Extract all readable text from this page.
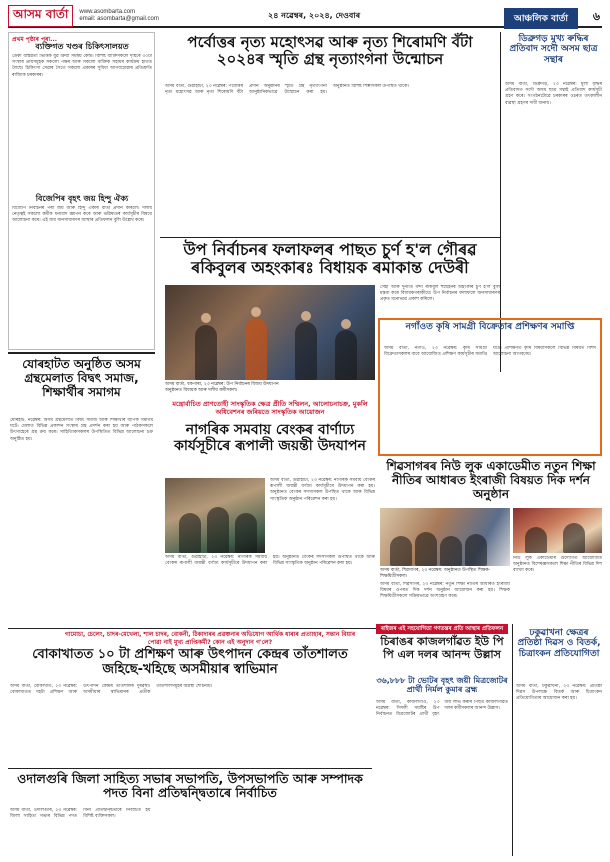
আসম বাৰ্তা	www.asombarta.com
email: asombarta@gmail.com	২৪ নৱেম্বৰ, ২০২৪, দেওবাৰ	আঞ্চলিক বাৰ্তা	৬
প্ৰথম পৃষ্ঠাৰ পৰা...
ব্যক্তিগত খণ্ডৰ চিকিৎসালয়ত
ডেকা বাস্তৱতা ভিত্তিক যুৱ ক্ৰিয়া সমন্বয় কেন্দ্ৰ। বিশিষ্ট ব্যক্তিসকলে দৃষ্টিৰে ৩০টা সংস্থাৰ প্ৰায়সমূহক সকলো পক্ষৰ আৰু সকলো ব্যক্তিক সহায়ৰ কাৰ্যক্ৰম হাতত লৈছে। চিকিৎসা সেৱাৰ সৈতে সকলো প্ৰকাৰৰ সুবিধা আগবঢ়োৱাৰ প্ৰতিশ্ৰুতি ৰাজ্যিক চৰকাৰৰ।
বিজেপিৰ বৃহৎ জয় হিন্দু ঐক্য
বিজেপি নিৰ্বাচনৰ পৰা জয় আৰু হিন্দু ঐক্যৰ বাৰ্তা প্ৰদান কৰিলে। দলীয় নেতৃত্বই সকলো কৰ্মীক ধন্যবাদ জ্ঞাপন কৰে আৰু ভৱিষ্যতৰ কাৰ্যসূচীৰ বিষয়ে আলোচনা কৰে। এই জয় জনসাধাৰণৰ আস্থাৰ প্ৰতিফলন বুলি উল্লেখ কৰে।
পৰ্বোত্তৰ নৃত্য মহোৎসৱ আৰু নৃত্য শিৰোমণি বঁটা ২০২৪ৰ স্মৃতি গ্ৰন্থ নৃত্যাংগনা উন্মোচন
অসম বাৰ্তা, গুৱাহাটী, ২৩ নৱেম্বৰ: পৰ্বোত্তৰ নৃত্য মহোৎসৱ আৰু নৃত্য শিৰোমণি বঁটা প্ৰদান অনুষ্ঠানৰ স্মৃতি গ্ৰন্থ নৃত্যাংগনা আনুষ্ঠানিকভাৱে উন্মোচন কৰা হয়। অনুষ্ঠানত বিশিষ্ট শিল্পীসকল উপস্থিত থাকে।
ডিব্ৰুগড় মুখ্য ৰুদ্ধিৰ প্ৰতিবাদ সদৌ অসম ছাত্ৰ সন্থাৰ
অসম বাৰ্তা, ডিব্ৰুগড়, ২৩ নৱেম্বৰ: মূল্য বৃদ্ধিৰ প্ৰতিবাদত সদৌ অসম ছাত্ৰ সন্থাই প্ৰতিবাদ কাৰ্যসূচী গ্ৰহণ কৰে। সংগঠনটোৱে চৰকাৰৰ ওচৰত তৎকালীন ব্যৱস্থা গ্ৰহণৰ দাবী জনায়।
উপ নিৰ্বাচনৰ ফলাফলৰ পাছত চুৰ্ণ হ'ল গৌৰৱ ৰকিবুলৰ অহংকাৰঃ বিধায়ক ৰমাকান্ত দেউৰী
সেহা আৰু দুৰ্নীতি বন্দী ৰকিবুল হুছেইনৰ অহংকাৰ চুৰ্ণ হ'ল বুলি মন্তব্য কৰে বিধায়কগৰাকীয়ে। উপ নিৰ্বাচনৰ ফলাফলে জনসাধাৰণৰ প্ৰকৃত মনোভাৱ প্ৰকাশ কৰিলে।
অসম বাৰ্তা, বকপাৰা, ২৩ নৱেম্বৰ: উপ নিৰ্বাচনৰ বিজয় উদযাপন অনুষ্ঠানত বিধায়ক আৰু দলীয় কৰ্মীসকল।
নগাঁওত কৃষি সামগ্ৰী বিক্ৰেতাৰ প্ৰশিক্ষণৰ সমাপ্তি
অসম বাৰ্তা, নগাঁও, ২৩ নৱেম্বৰ: কৃষি সামগ্ৰী বিক্ৰেতাসকলৰ বাবে আয়োজিত প্ৰশিক্ষণ কাৰ্যসূচীৰ সমাপ্তি ঘটে। প্ৰশিক্ষণত কৃষি বিষয়াসকলে বিভিন্ন বিষয়ত বিশদ আলোচনা আগবঢ়ায়।
যোৰহাটত অনুষ্ঠিত অসম গ্ৰন্থমেলাত বিদ্বৎ সমাজ, শিক্ষাৰ্থীৰ সমাগম
যোৰহাট, নৱেম্বৰ: অসম গ্ৰন্থমেলাত বিদ্বৎ সমাজ আৰু শিক্ষাৰ্থীৰ ব্যাপক সমাগম ঘটে। মেলাত বিভিন্ন প্ৰকাশন সংস্থাৰ গ্ৰন্থ প্ৰদৰ্শন কৰা হয় আৰু পাঠকসকলে উৎসাহেৰে গ্ৰন্থ ক্ৰয় কৰে। সাহিত্যিকসকলৰ উপস্থিতিত বিভিন্ন আলোচনা চক্ৰ অনুষ্ঠিত হয়।
মন্ত্ৰোৰ্বাচিত প্ৰাণতোহী সাংস্কৃতিক ক্ষেত্ৰ প্ৰীতি সম্মিলন, আলোচনাচক্ৰ, মুকলি অধিবেশনৰ জৰিয়তে সাংস্কৃতিক আয়োজন
নাগৰিক সমবায় বেংকৰ বাৰ্ণাঢ্য কাৰ্যসূচীৰে ৰূপালী জয়ন্তী উদযাপন
অসম বাৰ্তা, গুৱাহাটী, ২৩ নৱেম্বৰ: নাগৰিক সমবায় বেংকৰ ৰূপালী জয়ন্তী বৰ্ণাঢ্য কাৰ্যসূচীৰে উদযাপন কৰা হয়। অনুষ্ঠানত বেংকৰ সদস্যসকল উপস্থিত থাকে আৰু বিভিন্ন সাংস্কৃতিক অনুষ্ঠান পৰিৱেশন কৰা হয়।
অসম বাৰ্তা, গুৱাহাটী, ২৩ নৱেম্বৰ: নাগৰিক সমবায় বেংকৰ ৰূপালী জয়ন্তী বৰ্ণাঢ্য কাৰ্যসূচীৰে উদযাপন কৰা হয়। অনুষ্ঠানত বেংকৰ সদস্যসকল উপস্থিত থাকে আৰু বিভিন্ন সাংস্কৃতিক অনুষ্ঠান পৰিৱেশন কৰা হয়।
শিৱসাগৰৰ নিউ লুক একাডেমীত নতুন শিক্ষা নীতিৰ আধাৰত ইংৰাজী বিষয়ত দিক দৰ্শন অনুষ্ঠান
অসম বাৰ্তা, শিৱসাগৰ, ২৩ নৱেম্বৰ: অনুষ্ঠানত উপস্থিত শিক্ষক-শিক্ষয়িত্ৰীসকল।
নিউ লুক একাডেমীৰ উদ্যোগত আয়োজিত অনুষ্ঠানত বিশেষজ্ঞসকলে শিক্ষা নীতিৰ বিভিন্ন দিশ ব্যাখ্যা কৰে।
অসম বাৰ্তা, শিৱসাগৰ, ২৩ নৱেম্বৰ: নতুন শিক্ষা নীতিৰ আধাৰত ইংৰাজী বিষয়ৰ ওপৰত দিক দৰ্শন অনুষ্ঠান আয়োজন কৰা হয়। শিক্ষক শিক্ষয়িত্ৰীসকলে সক্ৰিয়ভাৱে অংশগ্ৰহণ কৰে।
গামোচা, চেলেং, চাদৰ-মেখেলা, শাল চাদৰ, বোকনী, ঠিকাদাৰৰ প্ৰৱঞ্চনাৰ অভিযোগ আৰ্থিক ধাৰাৰ প্ৰত্যাহাৰ, সন্তান বিয়াৰ পোৱা নাই মুখ্য প্ৰাপ্তিকৰ্মী? কোন এই অনুদান গ'লে?
বোকাখাতত ১০ টা প্ৰশিক্ষণ আৰু উৎপাদন কেন্দ্ৰৰ তাঁতশালত জহিছে-খহিছে অসমীয়াৰ স্বাভিমান
অসম বাৰ্তা, বোকাখাত, ২৩ নৱেম্বৰ: বোকাখাতত দহটা প্ৰশিক্ষণ আৰু উৎপাদন কেন্দ্ৰৰ তাঁতশালৰ দুৰৱস্থা। অসমীয়াৰ স্বাভিমানৰ প্ৰতীক তাঁতশালসমূহৰ অৱস্থা শোচনীয়।
ওদালগুৰি জিলা সাহিত্য সভাৰ সভাপতি, উপসভাপতি আৰু সম্পাদক পদত বিনা প্ৰতিদ্বন্দ্বিতাৰে নিৰ্বাচিত
অসম বাৰ্তা, ওদালগুৰি, ২৩ নৱেম্বৰ: জিলা সাহিত্য সভাৰ বিভিন্ন পদত বিনা প্ৰতিদ্বন্দ্বিতাৰে নিৰ্বাচিত হয় বিশিষ্ট ব্যক্তিসকল।
ৰাইজৰ এই সহযোগিতা গণতন্ত্ৰৰ প্ৰতি আস্থাৰ প্ৰতিফলন
চিৰাঙৰ কাজলগাঁৱত ইউ পি পি এল দলৰ আনন্দ উল্লাস
৩৬,৮৮৮ টা ভোটৰ বৃহৎ জয়ী মিত্ৰজোটৰ প্ৰাৰ্থী নিৰ্মল কুমাৰ ব্ৰহ্ম
অসম বাৰ্তা, কাজলগাঁও, ২৩ নৱেম্বৰ: সিদলী সমষ্টিৰ উপ নিৰ্বাচনত মিত্ৰজোটৰ প্ৰাৰ্থী বৃহৎ জয় লাভ কৰাৰ পিছত কাজলগাঁৱত দলৰ কৰ্মীসকলৰ আনন্দ উল্লাস।
ঢকুৱাখনা ক্ষেত্ৰৰ প্ৰতিষ্ঠা দিৱস ও বিতৰ্ক, চিত্ৰাংকন প্ৰতিযোগিতা
অসম বাৰ্তা, ঢকুৱাখনা, ২৩ নৱেম্বৰ: প্ৰতিষ্ঠা দিৱস উপলক্ষে বিতৰ্ক আৰু চিত্ৰাংকন প্ৰতিযোগিতাৰ আয়োজন কৰা হয়।
